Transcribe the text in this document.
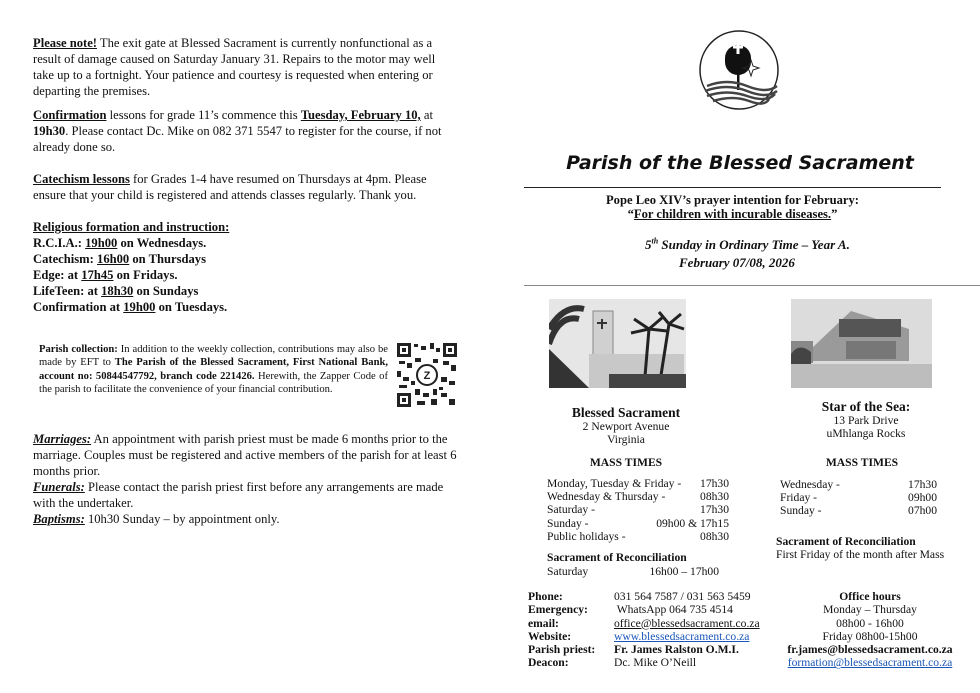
Please note! The exit gate at Blessed Sacrament is currently nonfunctional as a result of damage caused on Saturday January 31. Repairs to the motor may well take up to a fortnight. Your patience and courtesy is requested when entering or departing the premises.
Confirmation lessons for grade 11’s commence this Tuesday, February 10, at 19h30. Please contact Dc. Mike on 082 371 5547 to register for the course, if not already done so.
Catechism lessons for Grades 1-4 have resumed on Thursdays at 4pm. Please ensure that your child is registered and attends classes regularly. Thank you.
Religious formation and instruction:
R.C.I.A.: 19h00 on Wednesdays.
Catechism: 16h00 on Thursdays
Edge: at 17h45 on Fridays.
LifeTeen: at 18h30 on Sundays
Confirmation at 19h00 on Tuesdays.
Parish collection: In addition to the weekly collection, contributions may also be made by EFT to The Parish of the Blessed Sacrament, First National Bank, account no: 50844547792, branch code 221426. Herewith, the Zapper Code of the parish to facilitate the convenience of your financial contribution.
Z
Marriages: An appointment with parish priest must be made 6 months prior to the marriage. Couples must be registered and active members of the parish for at least 6 months prior.
Funerals: Please contact the parish priest first before any arrangements are made with the undertaker.
Baptisms: 10h30 Sunday – by appointment only.
Parish of the Blessed Sacrament
Pope Leo XIV’s prayer intention for February:
“For children with incurable diseases.”
5th Sunday in Ordinary Time – Year A.
February 07/08, 2026
Blessed Sacrament
2 Newport Avenue
Virginia
MASS TIMES
Monday, Tuesday & Friday - 17h30
Wednesday & Thursday -	08h30
Saturday -	17h30
Sunday -	09h00 & 17h15
Public holidays -	08h30
Sacrament of Reconciliation
Saturday	16h00 – 17h00
Star of the Sea:
13 Park Drive
uMhlanga Rocks
MASS TIMES
Wednesday -	17h30
Friday -	09h00
Sunday -	07h00
Sacrament of Reconciliation
First Friday of the month after Mass
Phone:	031 564 7587 / 031 563 5459
Emergency:	WhatsApp 064 735 4514
email:	office@blessedsacrament.co.za
Website:	www.blessedsacrament.co.za
Parish priest:	Fr. James Ralston O.M.I.
Deacon:	Dc. Mike O’Neill
Office hours
Monday – Thursday
08h00 - 16h00
Friday 08h00-15h00
fr.james@blessedsacrament.co.za
formation@blessedsacrament.co.za
